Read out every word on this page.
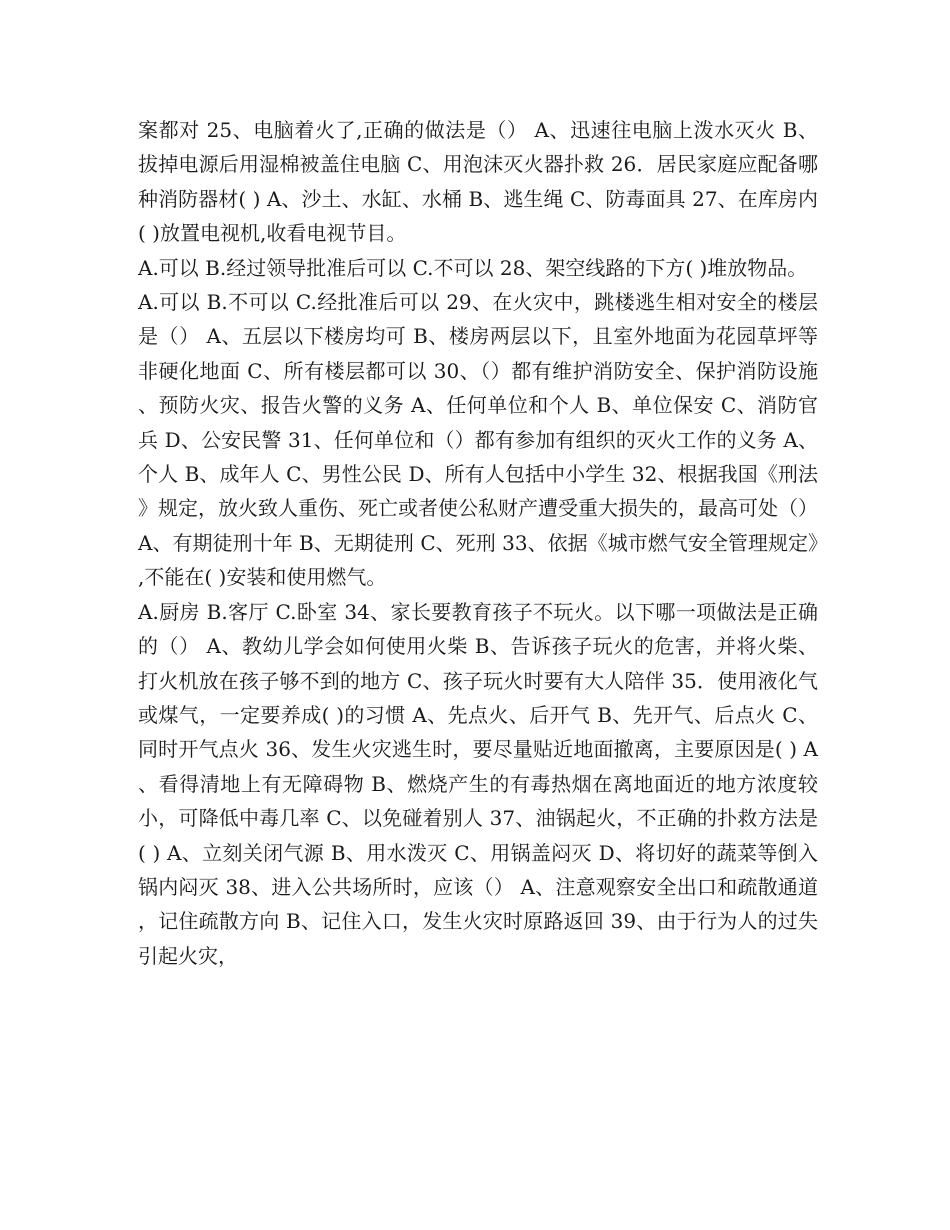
案都对 25、电脑着火了,正确的做法是（） A、迅速往电脑上泼水灭火 B、拔掉电源后用湿棉被盖住电脑 C、用泡沫灭火器扑救 26．居民家庭应配备哪种消防器材( ) A、沙土、水缸、水桶 B、逃生绳 C、防毒面具 27、在库房内( )放置电视机,收看电视节目。

A.可以 B.经过领导批准后可以 C.不可以 28、架空线路的下方( )堆放物品。

A.可以 B.不可以 C.经批准后可以 29、在火灾中，跳楼逃生相对安全的楼层是（） A、五层以下楼房均可 B、楼房两层以下，且室外地面为花园草坪等非硬化地面 C、所有楼层都可以 30、（）都有维护消防安全、保护消防设施、预防火灾、报告火警的义务 A、任何单位和个人 B、单位保安 C、消防官兵 D、公安民警 31、任何单位和（）都有参加有组织的灭火工作的义务 A、个人 B、成年人 C、男性公民 D、所有人包括中小学生 32、根据我国《刑法》规定，放火致人重伤、死亡或者使公私财产遭受重大损失的，最高可处（） A、有期徒刑十年 B、无期徒刑 C、死刑 33、依据《城市燃气安全管理规定》,不能在( )安装和使用燃气。

A.厨房 B.客厅 C.卧室 34、家长要教育孩子不玩火。以下哪一项做法是正确的（） A、教幼儿学会如何使用火柴 B、告诉孩子玩火的危害，并将火柴、打火机放在孩子够不到的地方 C、孩子玩火时要有大人陪伴 35．使用液化气或煤气，一定要养成( )的习惯 A、先点火、后开气 B、先开气、后点火 C、同时开气点火 36、发生火灾逃生时，要尽量贴近地面撤离，主要原因是( ) A、看得清地上有无障碍物 B、燃烧产生的有毒热烟在离地面近的地方浓度较小，可降低中毒几率 C、以免碰着别人 37、油锅起火，不正确的扑救方法是( ) A、立刻关闭气源 B、用水泼灭 C、用锅盖闷灭 D、将切好的蔬菜等倒入锅内闷灭 38、进入公共场所时，应该（） A、注意观察安全出口和疏散通道，记住疏散方向 B、记住入口，发生火灾时原路返回 39、由于行为人的过失引起火灾，
